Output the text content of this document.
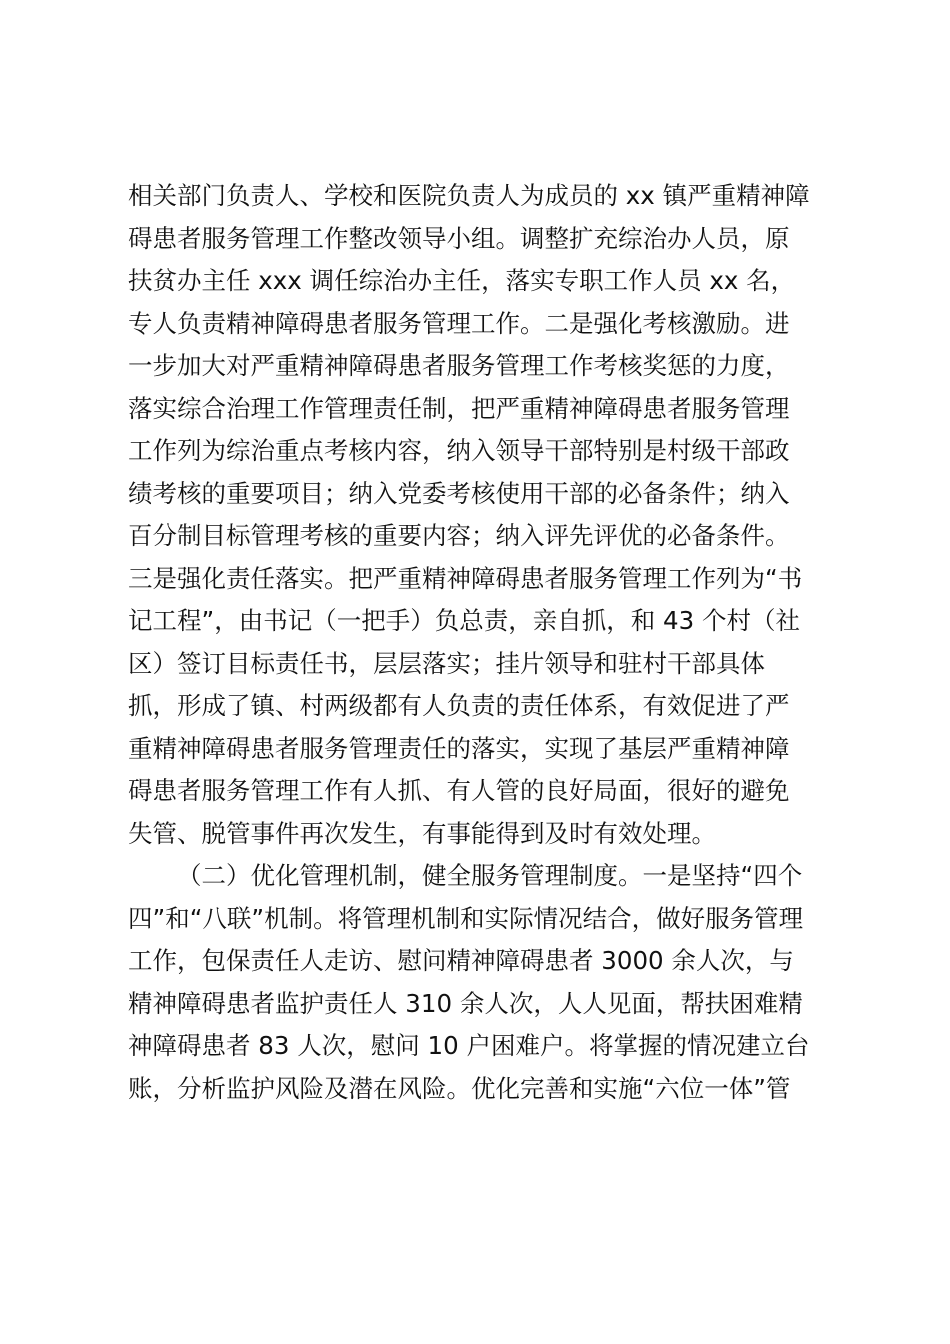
相关部门负责人、学校和医院负责人为成员的 xx 镇严重精神障
碍患者服务管理工作整改领导小组。调整扩充综治办人员，原
扶贫办主任 xxx 调任综治办主任，落实专职工作人员 xx 名，
专人负责精神障碍患者服务管理工作。二是强化考核激励。进
一步加大对严重精神障碍患者服务管理工作考核奖惩的力度，
落实综合治理工作管理责任制，把严重精神障碍患者服务管理
工作列为综治重点考核内容，纳入领导干部特别是村级干部政
绩考核的重要项目；纳入党委考核使用干部的必备条件；纳入
百分制目标管理考核的重要内容；纳入评先评优的必备条件。
三是强化责任落实。把严重精神障碍患者服务管理工作列为“书
记工程”，由书记（一把手）负总责，亲自抓，和 43 个村（社
区）签订目标责任书，层层落实；挂片领导和驻村干部具体
抓，形成了镇、村两级都有人负责的责任体系，有效促进了严
重精神障碍患者服务管理责任的落实，实现了基层严重精神障
碍患者服务管理工作有人抓、有人管的良好局面，很好的避免
失管、脱管事件再次发生，有事能得到及时有效处理。
（二）优化管理机制，健全服务管理制度。一是坚持“四个
四”和“八联”机制。将管理机制和实际情况结合，做好服务管理
工作，包保责任人走访、慰问精神障碍患者 3000 余人次，与
精神障碍患者监护责任人 310 余人次，人人见面，帮扶困难精
神障碍患者 83 人次，慰问 10 户困难户。将掌握的情况建立台
账，分析监护风险及潜在风险。优化完善和实施“六位一体”管
